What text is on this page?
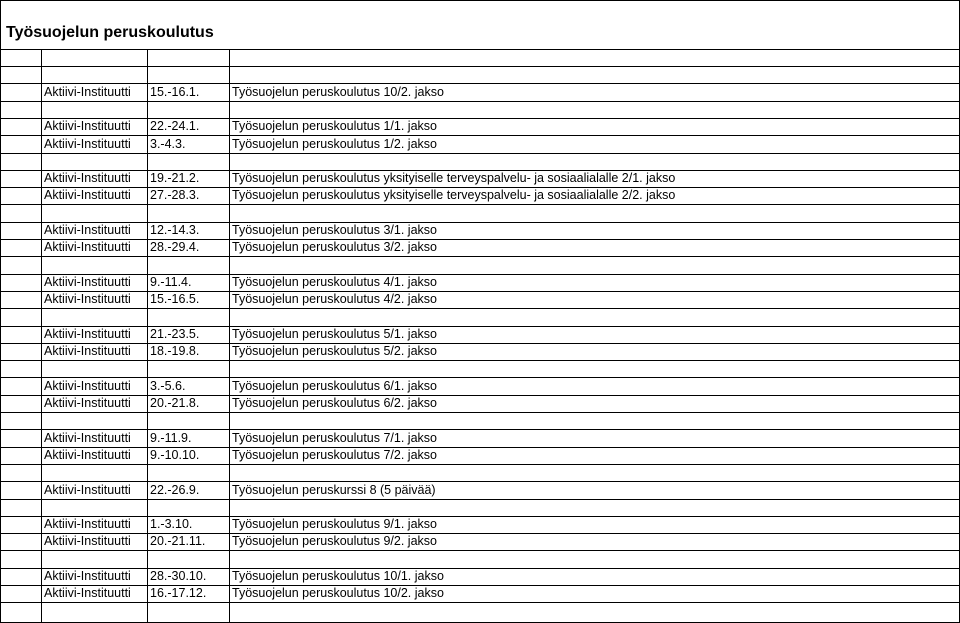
Työsuojelun peruskoulutus
Aktiivi-Instituutti	15.-16.1.	Työsuojelun peruskoulutus 10/2. jakso
Aktiivi-Instituutti	22.-24.1.	Työsuojelun peruskoulutus 1/1. jakso
Aktiivi-Instituutti	3.-4.3.	Työsuojelun peruskoulutus 1/2. jakso
Aktiivi-Instituutti	19.-21.2.	Työsuojelun peruskoulutus yksityiselle terveyspalvelu- ja sosiaalialalle 2/1. jakso
Aktiivi-Instituutti	27.-28.3.	Työsuojelun peruskoulutus yksityiselle terveyspalvelu- ja sosiaalialalle 2/2. jakso
Aktiivi-Instituutti	12.-14.3.	Työsuojelun peruskoulutus 3/1. jakso
Aktiivi-Instituutti	28.-29.4.	Työsuojelun peruskoulutus 3/2. jakso
Aktiivi-Instituutti	9.-11.4.	Työsuojelun peruskoulutus 4/1. jakso
Aktiivi-Instituutti	15.-16.5.	Työsuojelun peruskoulutus 4/2. jakso
Aktiivi-Instituutti	21.-23.5.	Työsuojelun peruskoulutus 5/1. jakso
Aktiivi-Instituutti	18.-19.8.	Työsuojelun peruskoulutus 5/2. jakso
Aktiivi-Instituutti	3.-5.6.	Työsuojelun peruskoulutus 6/1. jakso
Aktiivi-Instituutti	20.-21.8.	Työsuojelun peruskoulutus 6/2. jakso
Aktiivi-Instituutti	9.-11.9.	Työsuojelun peruskoulutus 7/1. jakso
Aktiivi-Instituutti	9.-10.10.	Työsuojelun peruskoulutus 7/2. jakso
Aktiivi-Instituutti	22.-26.9.	Työsuojelun peruskurssi 8 (5 päivää)
Aktiivi-Instituutti	1.-3.10.	Työsuojelun peruskoulutus 9/1. jakso
Aktiivi-Instituutti	20.-21.11.	Työsuojelun peruskoulutus 9/2. jakso
Aktiivi-Instituutti	28.-30.10.	Työsuojelun peruskoulutus 10/1. jakso
Aktiivi-Instituutti	16.-17.12.	Työsuojelun peruskoulutus 10/2. jakso
